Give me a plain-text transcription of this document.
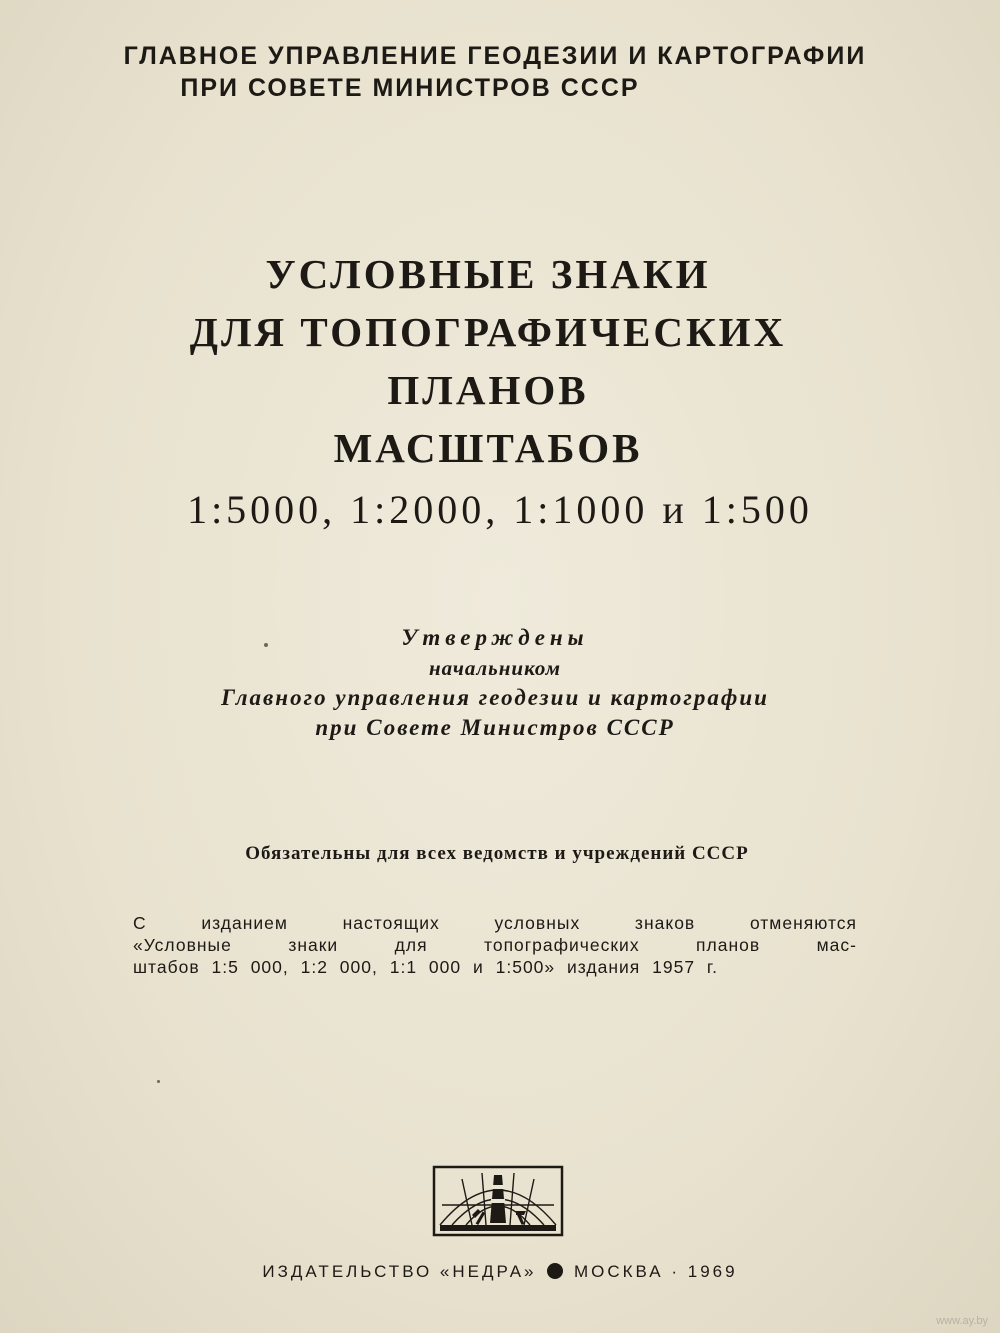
ГЛАВНОЕ УПРАВЛЕНИЕ ГЕОДЕЗИИ И КАРТОГРАФИИ
ПРИ СОВЕТЕ МИНИСТРОВ СССР
УСЛОВНЫЕ ЗНАКИ
ДЛЯ ТОПОГРАФИЧЕСКИХ
ПЛАНОВ
МАСШТАБОВ
1:5000, 1:2000, 1:1000 и 1:500
Утверждены
начальником
Главного управления геодезии и картографии
при Совете Министров СССР
Обязательны для всех ведомств и учреждений СССР
С изданием настоящих условных знаков отменяются
«Условные знаки для топографических планов мас-
штабов 1:5 000, 1:2 000, 1:1 000 и 1:500» издания 1957 г.
ИЗДАТЕЛЬСТВО «НЕДРА» МОСКВА · 1969
www.ay.by
